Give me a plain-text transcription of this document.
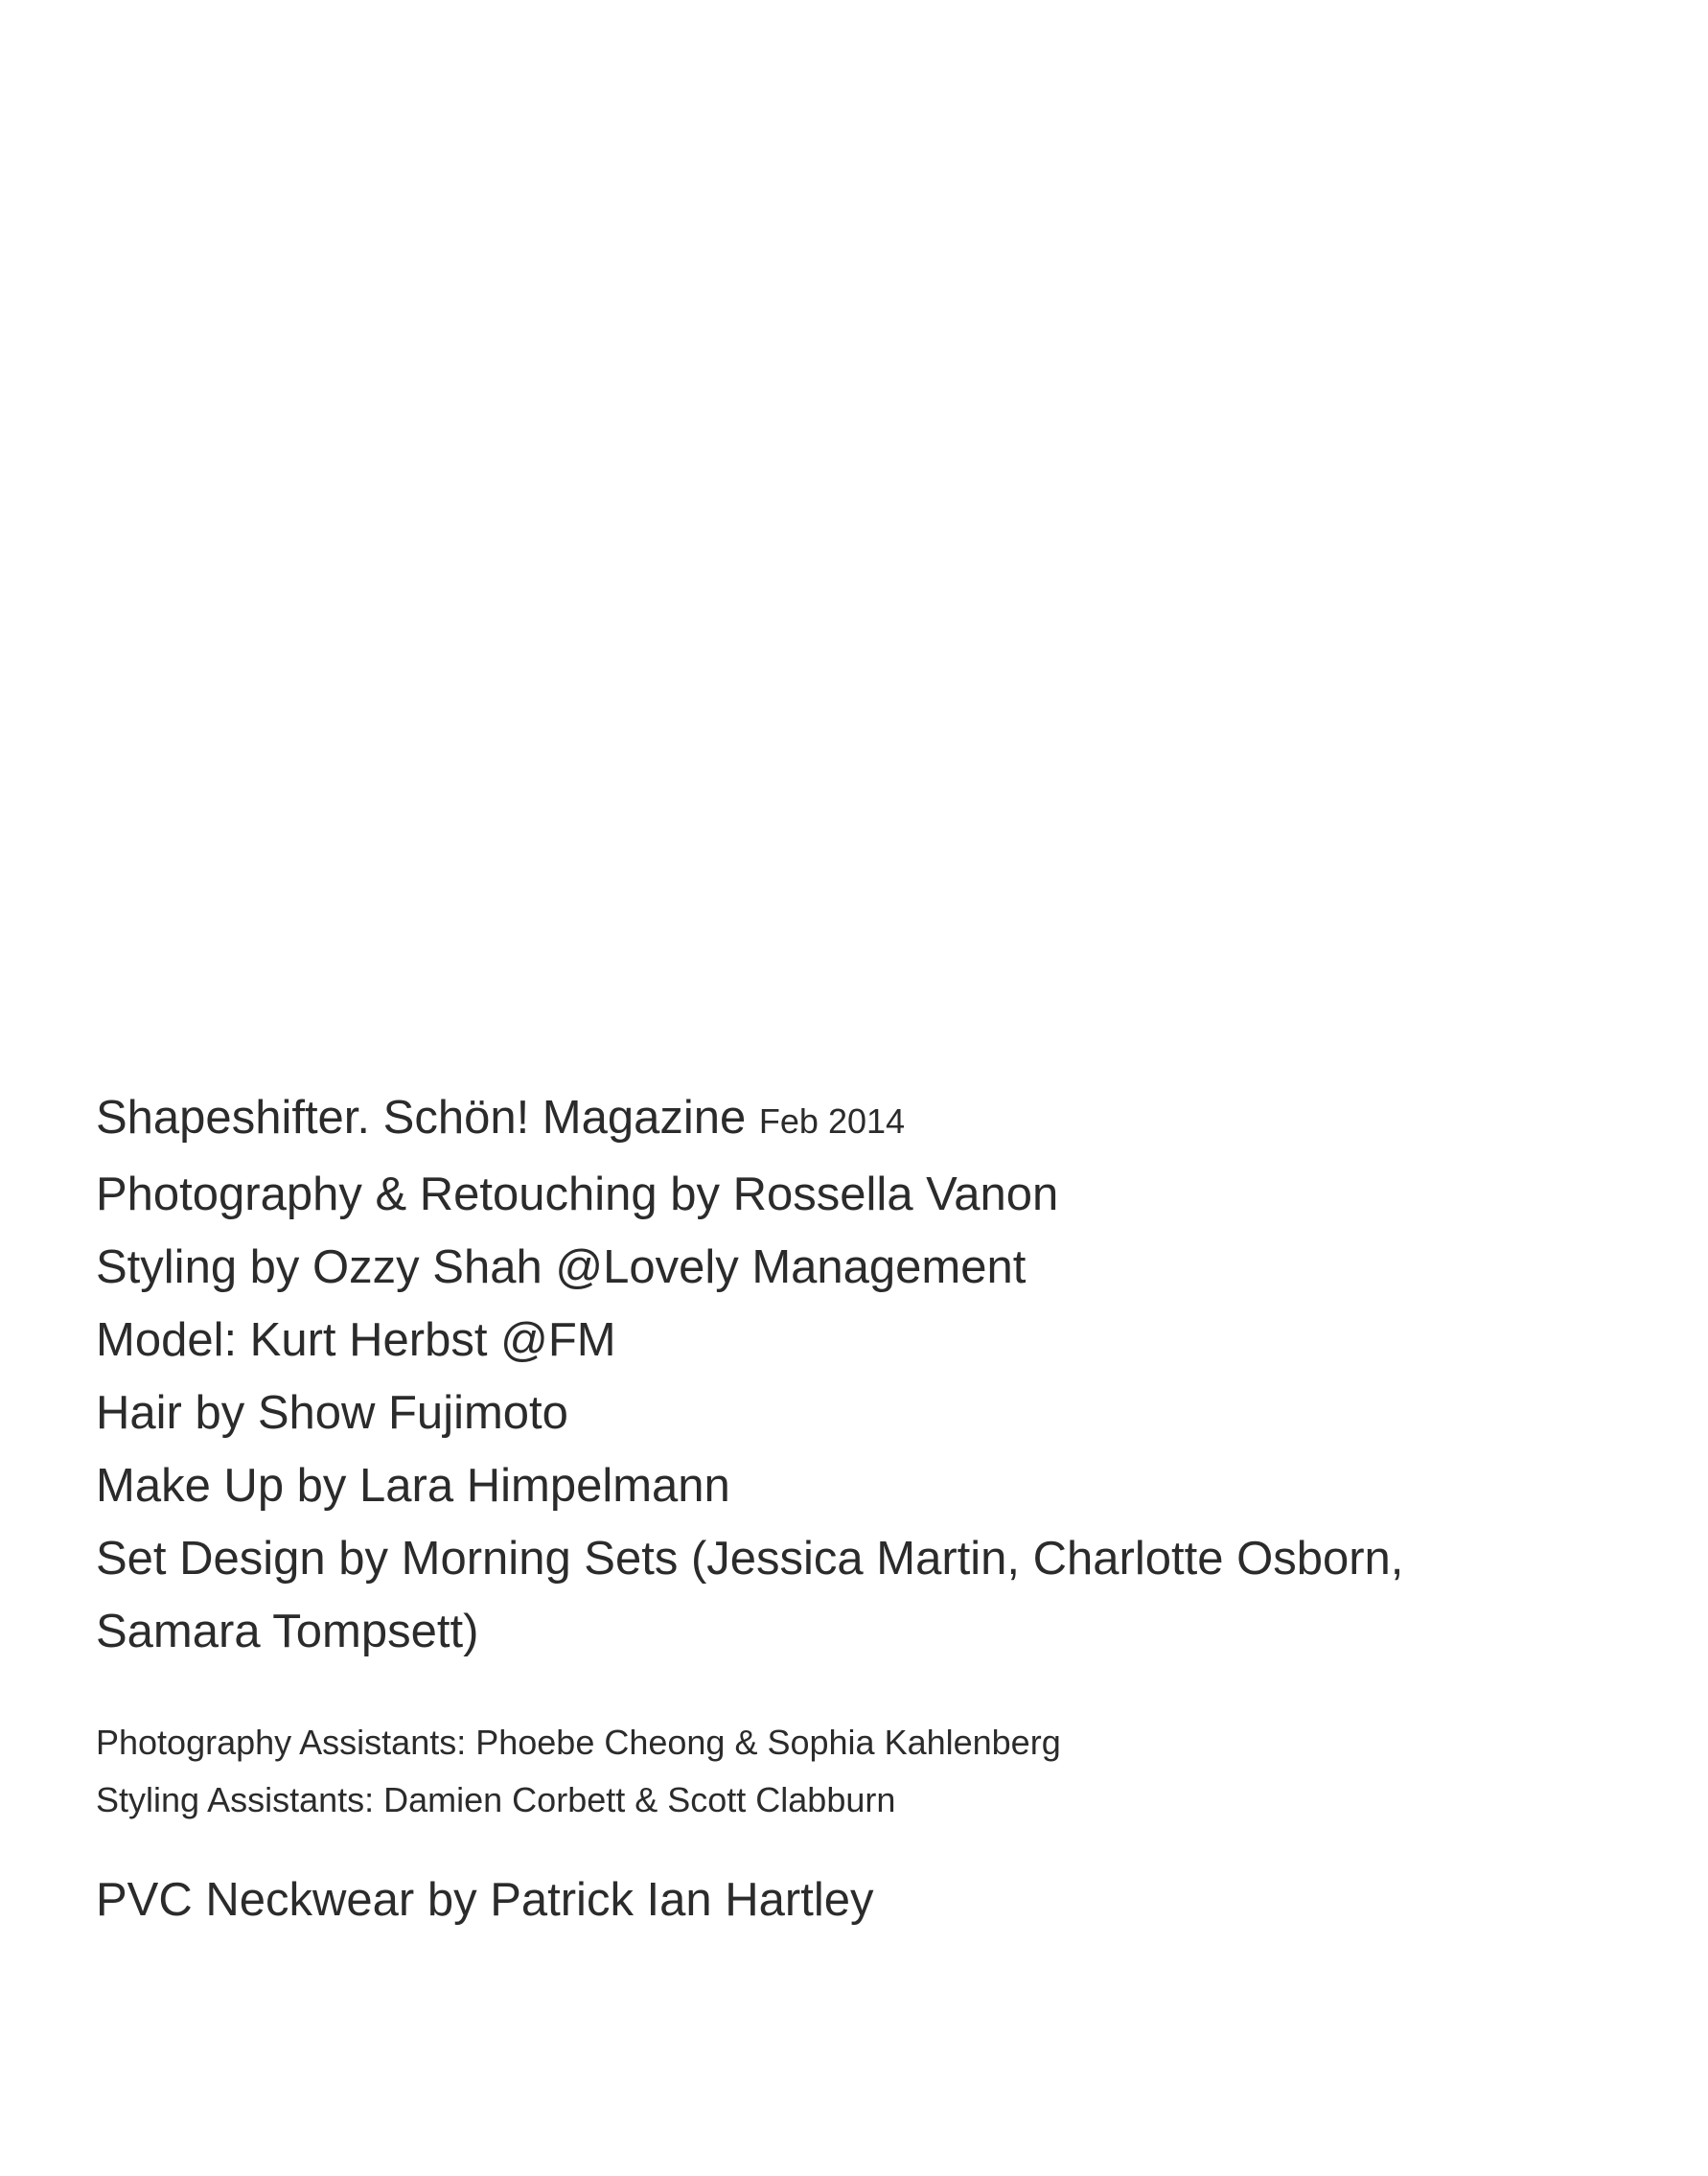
Shapeshifter. Schön! Magazine Feb 2014
Photography & Retouching by Rossella Vanon
Styling by Ozzy Shah @Lovely Management
Model: Kurt Herbst @FM
Hair by Show Fujimoto
Make Up by Lara Himpelmann
Set Design by Morning Sets (Jessica Martin, Charlotte Osborn,
Samara Tompsett)
Photography Assistants: Phoebe Cheong & Sophia Kahlenberg
Styling Assistants: Damien Corbett & Scott Clabburn
PVC Neckwear by Patrick Ian Hartley
